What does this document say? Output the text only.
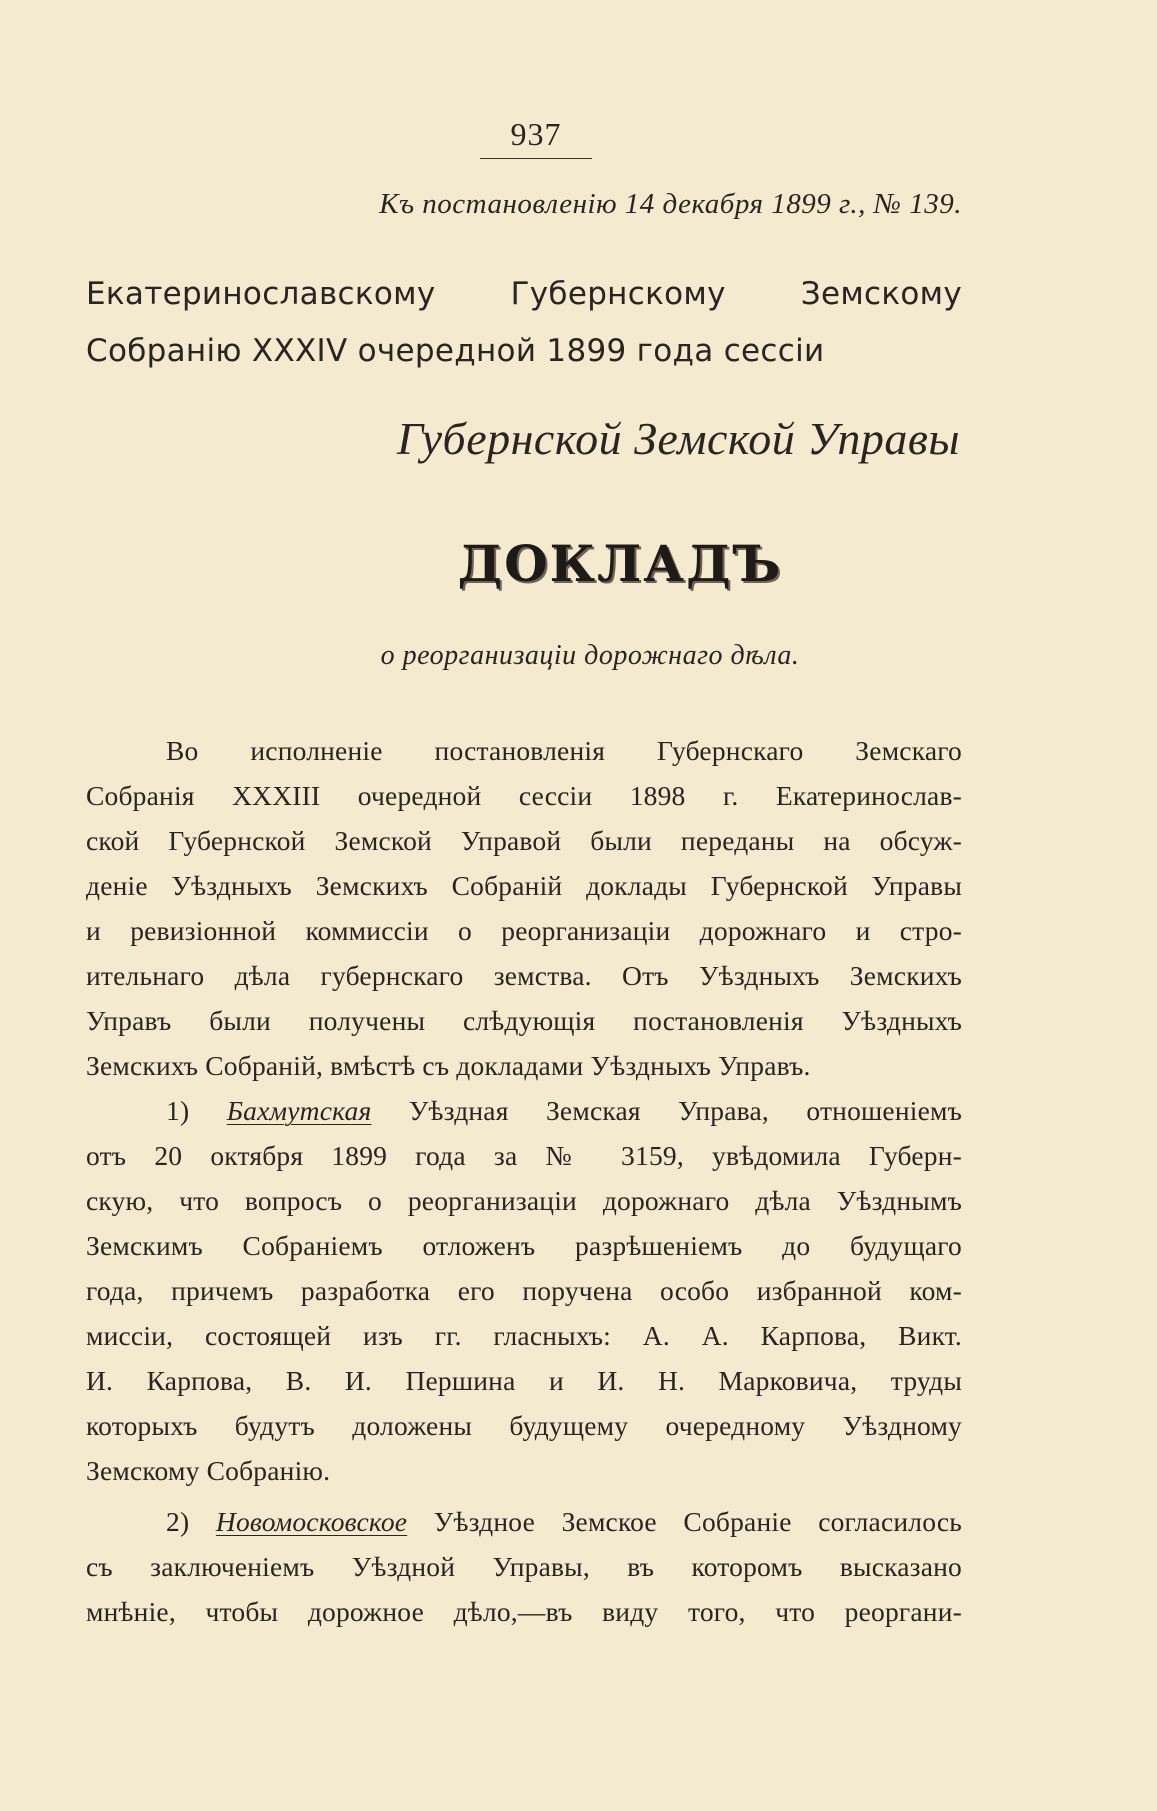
937
Къ постановленію 14 декабря 1899 г., № 139.
Екатеринославскому Губернскому Земскому
Собранію XXXIV очередной 1899 года сессіи
Губернской Земской Управы
ДОКЛАДЪ
о реорганизаціи дорожнаго дѣла.
Во исполненіе постановленія Губернскаго Земскаго
Собранія XXXIII очередной сессіи 1898 г. Екатеринослав-
ской Губернской Земской Управой были переданы на обсуж-
деніе Уѣздныхъ Земскихъ Собраній доклады Губернской Управы
и ревизіонной коммиссіи о реорганизаціи дорожнаго и стро-
ительнаго дѣла губернскаго земства. Отъ Уѣздныхъ Земскихъ
Управъ были получены слѣдующія постановленія Уѣздныхъ
Земскихъ Собраній, вмѣстѣ съ докладами Уѣздныхъ Управъ.
1) Бахмутская Уѣздная Земская Управа, отношеніемъ
отъ 20 октября 1899 года за № 3159, увѣдомила Губерн-
скую, что вопросъ о реорганизаціи дорожнаго дѣла Уѣзднымъ
Земскимъ Собраніемъ отложенъ разрѣшеніемъ до будущаго
года, причемъ разработка его поручена особо избранной ком-
миссіи, состоящей изъ гг. гласныхъ: А. А. Карпова, Викт.
И. Карпова, В. И. Першина и И. Н. Марковича, труды
которыхъ будутъ доложены будущему очередному Уѣздному
Земскому Собранію.
2) Новомосковское Уѣздное Земское Собраніе согласилось
съ заключеніемъ Уѣздной Управы, въ которомъ высказано
мнѣніе, чтобы дорожное дѣло,—въ виду того, что реоргани-
